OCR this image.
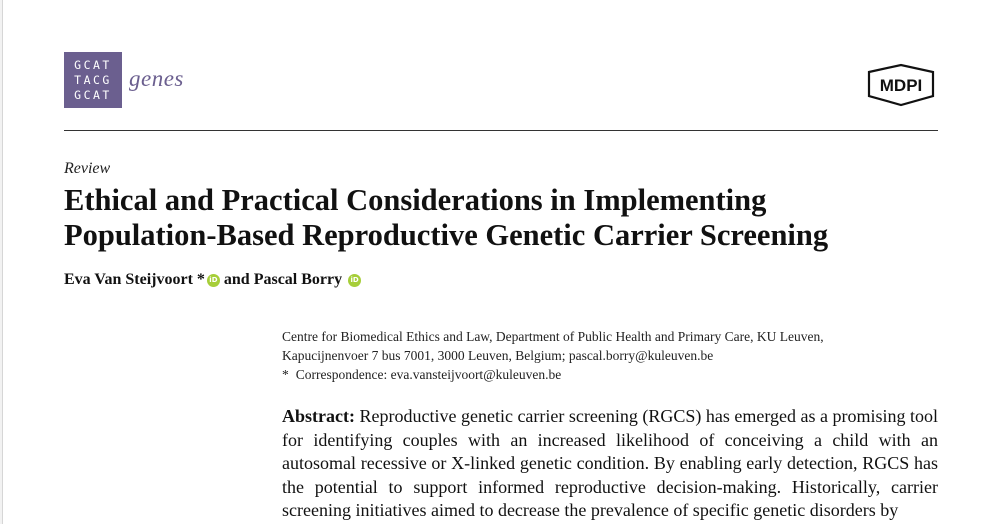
GCAT
TACG
GCAT
genes	MDPI
Review
Ethical and Practical Considerations in Implementing
Population-Based Reproductive Genetic Carrier Screening
Eva Van Steijvoort
* iD and
Pascal Borry
	iD
Centre for Biomedical Ethics and Law, Department of Public Health and Primary Care, KU Leuven,
Kapucijnenvoer 7 bus 7001, 3000 Leuven, Belgium; pascal.borry@kuleuven.be
* Correspondence: eva.vansteijvoort@kuleuven.be
Abstract: Reproductive genetic carrier screening (RGCS) has emerged as a promising tool for identifying couples with an increased likelihood of conceiving a child with an autosomal recessive or X-linked genetic condition. By enabling early detection, RGCS has the potential to support informed reproductive decision-making. Historically, carrier screening initiatives aimed to decrease the prevalence of specific genetic disorders by
